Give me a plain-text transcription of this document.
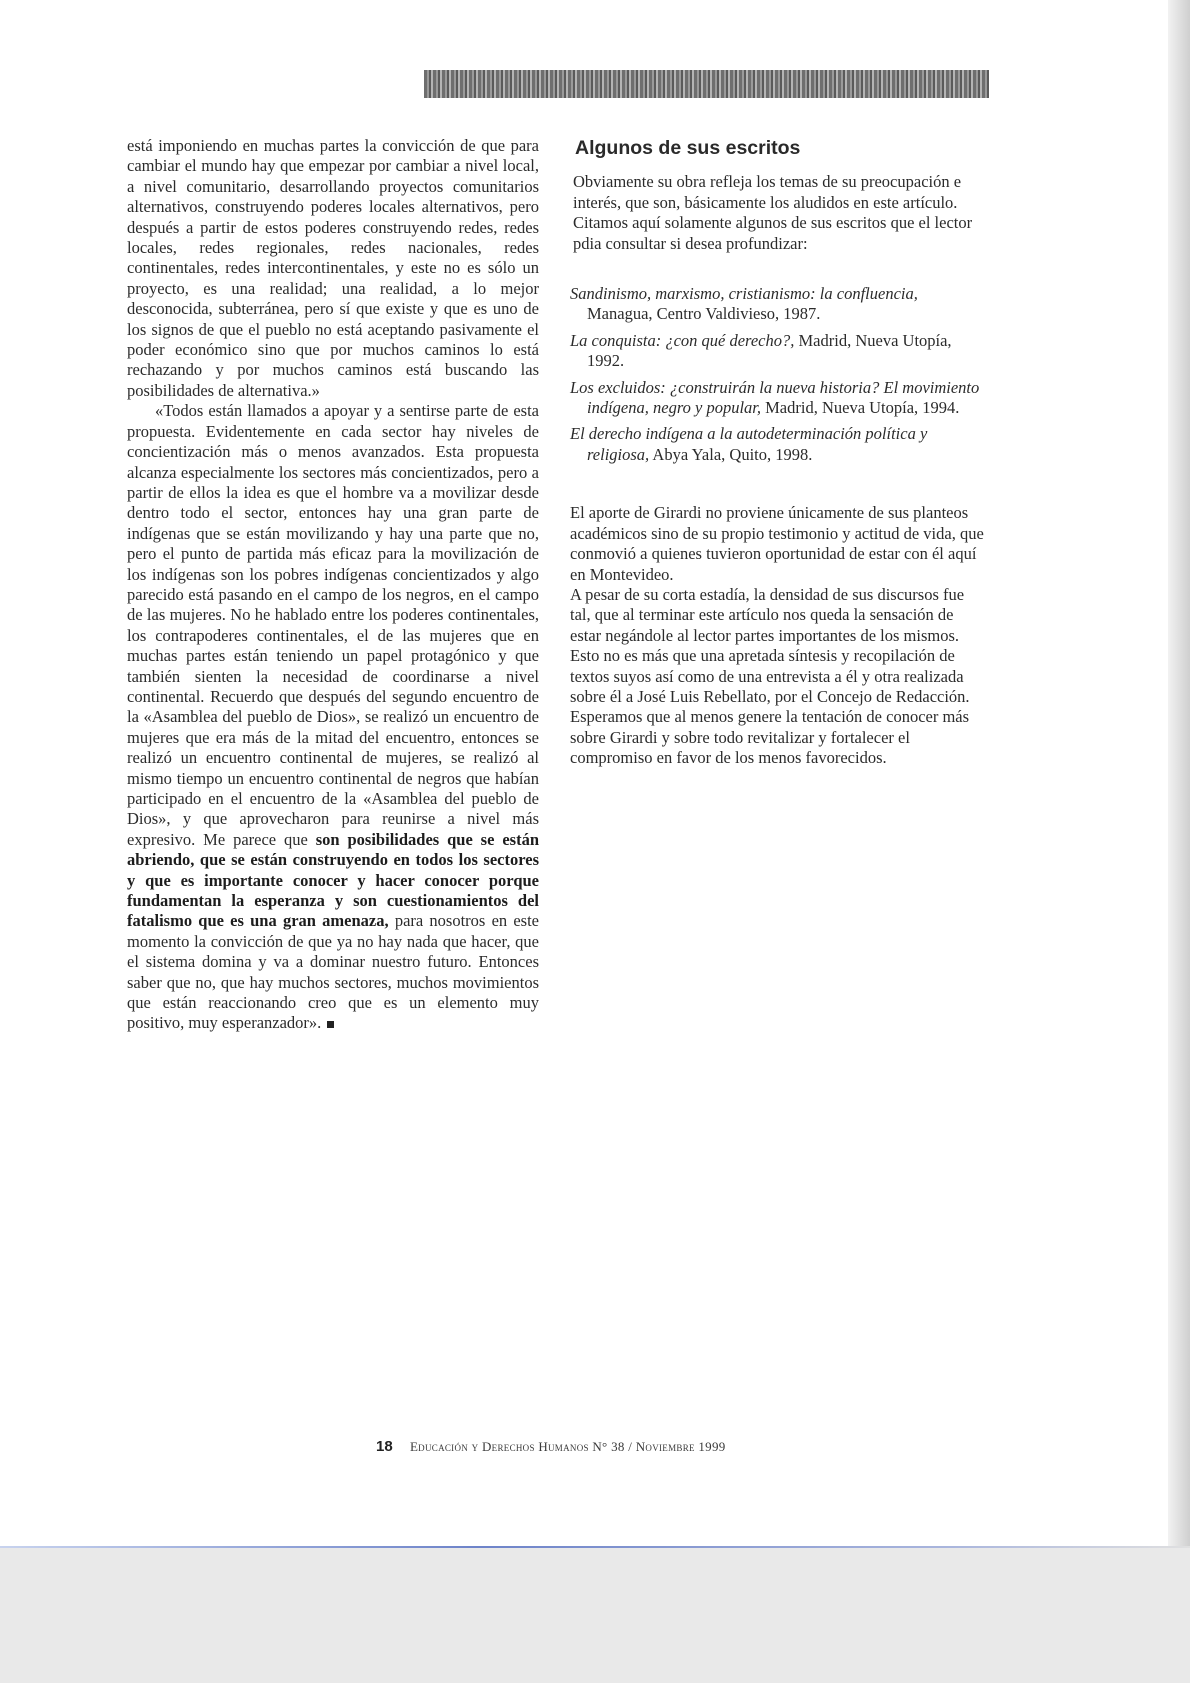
está imponiendo en muchas partes la convicción de que para cambiar el mundo hay que empezar por cambiar a nivel local, a nivel comunitario, desarrollando proyectos comunitarios alternativos, construyendo poderes locales alternativos, pero después a partir de estos poderes construyendo redes, redes locales, redes regionales, redes nacionales, redes continentales, redes intercontinentales, y este no es sólo un proyecto, es una realidad; una realidad, a lo mejor desconocida, subterránea, pero sí que existe y que es uno de los signos de que el pueblo no está aceptando pasivamente el poder económico sino que por muchos caminos lo está rechazando y por muchos caminos está buscando las posibilidades de alternativa.»

«Todos están llamados a apoyar y a sentirse parte de esta propuesta. Evidentemente en cada sector hay niveles de concientización más o menos avanzados. Esta propuesta alcanza especialmente los sectores más concientizados, pero a partir de ellos la idea es que el hombre va a movilizar desde dentro todo el sector, entonces hay una gran parte de indígenas que se están movilizando y hay una parte que no, pero el punto de partida más eficaz para la movilización de los indígenas son los pobres indígenas concientizados y algo parecido está pasando en el campo de los negros, en el campo de las mujeres. No he hablado entre los poderes continentales, los contrapoderes continentales, el de las mujeres que en muchas partes están teniendo un papel protagónico y que también sienten la necesidad de coordinarse a nivel continental. Recuerdo que después del segundo encuentro de la «Asamblea del pueblo de Dios», se realizó un encuentro de mujeres que era más de la mitad del encuentro, entonces se realizó un encuentro continental de mujeres, se realizó al mismo tiempo un encuentro continental de negros que habían participado en el encuentro de la «Asamblea del pueblo de Dios», y que aprovecharon para reunirse a nivel más expresivo. Me parece que son posibilidades que se están abriendo, que se están construyendo en todos los sectores y que es importante conocer y hacer conocer porque fundamentan la esperanza y son cuestionamientos del fatalismo que es una gran amenaza, para nosotros en este momento la convicción de que ya no hay nada que hacer, que el sistema domina y va a dominar nuestro futuro. Entonces saber que no, que hay muchos sectores, muchos movimientos que están reaccionando creo que es un elemento muy positivo, muy esperanzador».

Algunos de sus escritos

Obviamente su obra refleja los temas de su preocupación e interés, que son, básicamente los aludidos en este artículo. Citamos aquí solamente algunos de sus escritos que el lector pdia consultar si desea profundizar:

Sandinismo, marxismo, cristianismo: la confluencia, Managua, Centro Valdivieso, 1987.
La conquista: ¿con qué derecho?, Madrid, Nueva Utopía, 1992.
Los excluidos: ¿construirán la nueva historia? El movimiento indígena, negro y popular, Madrid, Nueva Utopía, 1994.
El derecho indígena a la autodeterminación política y religiosa, Abya Yala, Quito, 1998.

El aporte de Girardi no proviene únicamente de sus planteos académicos sino de su propio testimonio y actitud de vida, que conmovió a quienes tuvieron oportunidad de estar con él aquí en Montevideo.

A pesar de su corta estadía, la densidad de sus discursos fue tal, que al terminar este artículo nos queda la sensación de estar negándole al lector partes importantes de los mismos. Esto no es más que una apretada síntesis y recopilación de textos suyos así como de una entrevista a él y otra realizada sobre él a José Luis Rebellato, por el Concejo de Redacción. Esperamos que al menos genere la tentación de conocer más sobre Girardi y sobre todo revitalizar y fortalecer el compromiso en favor de los menos favorecidos.

18 Educación y Derechos Humanos N° 38 / Noviembre 1999
